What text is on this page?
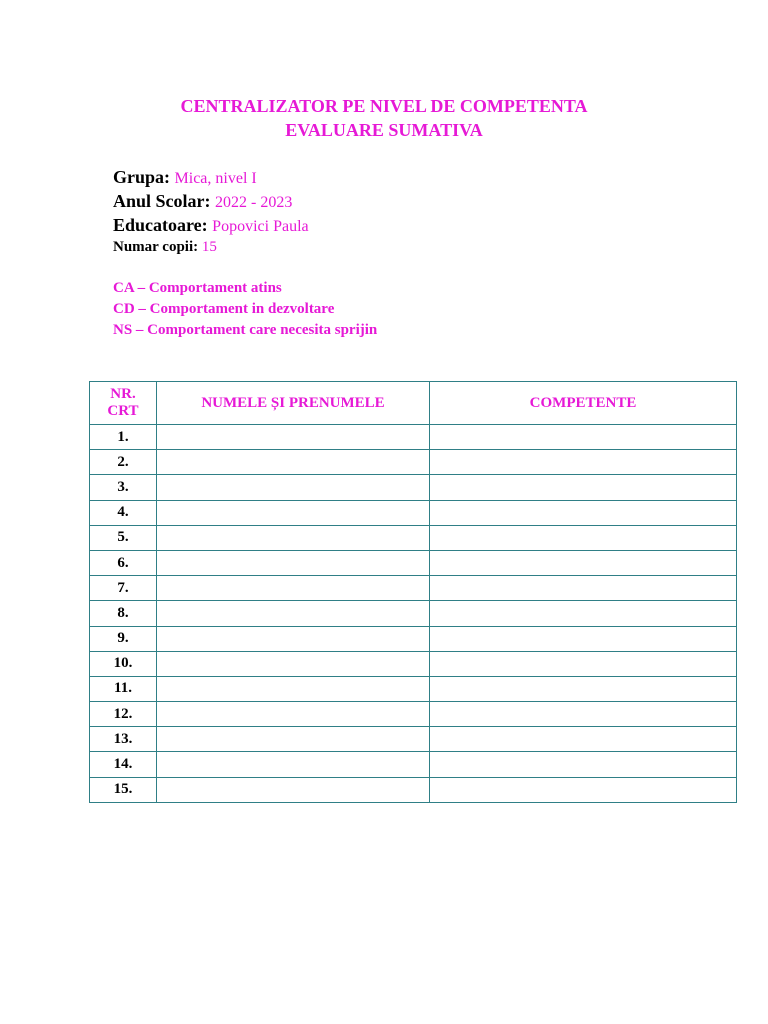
CENTRALIZATOR PE NIVEL DE COMPETENTA
EVALUARE SUMATIVA
Grupa: Mica, nivel I
Anul Scolar: 2022 - 2023
Educatoare: Popovici Paula
Numar copii: 15
CA – Comportament atins
CD – Comportament in dezvoltare
NS – Comportament care necesita sprijin
NR.
CRT	NUMELE ȘI PRENUMELE	COMPETENTE
1.		
2.		
3.		
4.		
5.		
6.		
7.		
8.		
9.		
10.		
11.		
12.		
13.		
14.		
15.		
